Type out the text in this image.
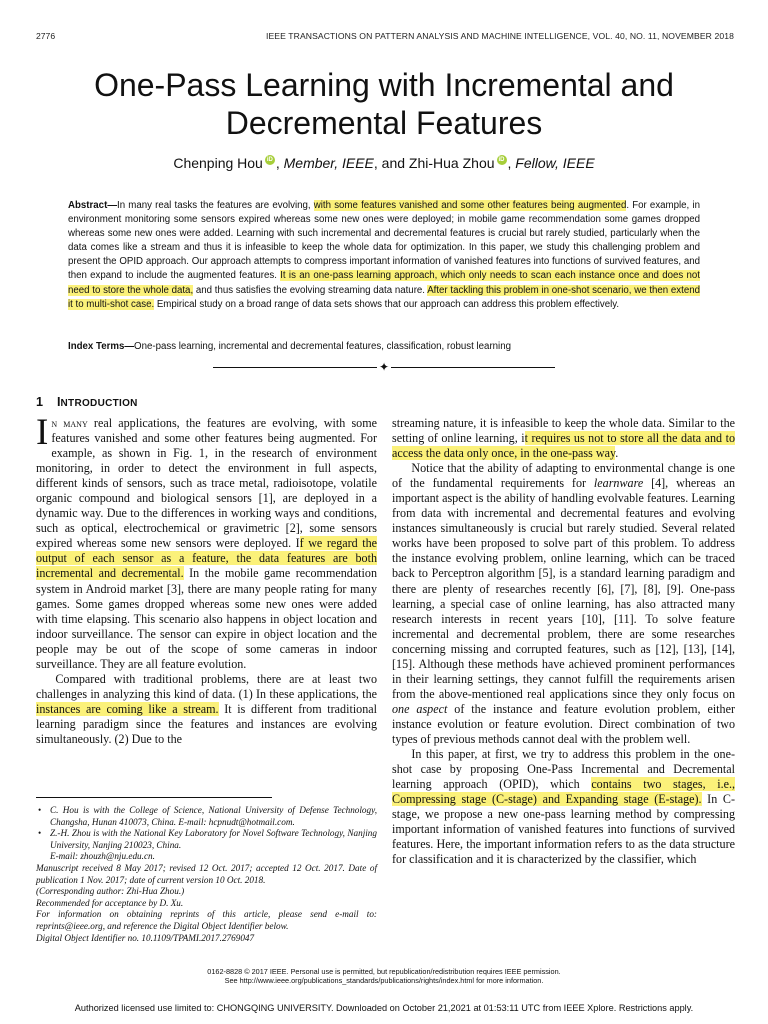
2776	IEEE TRANSACTIONS ON PATTERN ANALYSIS AND MACHINE INTELLIGENCE, VOL. 40, NO. 11, NOVEMBER 2018
One-Pass Learning with Incremental and
Decremental Features
Chenping Hou iD , Member, IEEE, and Zhi-Hua Zhou iD , Fellow, IEEE
Abstract—In many real tasks the features are evolving, with some features vanished and some other features being augmented. For example, in environment monitoring some sensors expired whereas some new ones were deployed; in mobile game recommendation some games dropped whereas some new ones were added. Learning with such incremental and decremental features is crucial but rarely studied, particularly when the data comes like a stream and thus it is infeasible to keep the whole data for optimization. In this paper, we study this challenging problem and present the OPID approach. Our approach attempts to compress important information of vanished features into functions of survived features, and then expand to include the augmented features. It is an one-pass learning approach, which only needs to scan each instance once and does not need to store the whole data, and thus satisfies the evolving streaming data nature. After tackling this problem in one-shot scenario, we then extend it to multi-shot case. Empirical study on a broad range of data sets shows that our approach can address this problem effectively.
Index Terms—One-pass learning, incremental and decremental features, classification, robust learning
✦
1 INTRODUCTION

In many real applications, the features are evolving, with some features vanished and some other features being augmented. For example, as shown in Fig. 1, in the research of environment monitoring, in order to detect the environment in full aspects, different kinds of sensors, such as trace metal, radioisotope, volatile organic compound and biological sensors [1], are deployed in a dynamic way. Due to the differences in working ways and conditions, such as optical, electrochemical or gravimetric [2], some sensors expired whereas some new sensors were deployed. If we regard the output of each sensor as a feature, the data features are both incremental and decremental. In the mobile game recommendation system in Android market [3], there are many people rating for many games. Some games dropped whereas some new ones were added with time elapsing. This scenario also happens in object location and indoor surveillance. The sensor can expire in object location and the people may be out of the scope of some cameras in indoor surveillance. They are all feature evolution.

Compared with traditional problems, there are at least two challenges in analyzing this kind of data. (1) In these applications, the instances are coming like a stream. It is different from traditional learning paradigm since the features and instances are evolving simultaneously. (2) Due to the

• C. Hou is with the College of Science, National University of Defense Technology, Changsha, Hunan 410073, China. E-mail: hcpnudt@hotmail.com.
• Z.-H. Zhou is with the National Key Laboratory for Novel Software Technology, Nanjing University, Nanjing 210023, China.
E-mail: zhouzh@nju.edu.cn.
Manuscript received 8 May 2017; revised 12 Oct. 2017; accepted 12 Oct. 2017. Date of publication 1 Nov. 2017; date of current version 10 Oct. 2018.
(Corresponding author: Zhi-Hua Zhou.)
Recommended for acceptance by D. Xu.
For information on obtaining reprints of this article, please send e-mail to: reprints@ieee.org, and reference the Digital Object Identifier below.
Digital Object Identifier no. 10.1109/TPAMI.2017.2769047

streaming nature, it is infeasible to keep the whole data. Similar to the setting of online learning, it requires us not to store all the data and to access the data only once, in the one-pass way.

Notice that the ability of adapting to environmental change is one of the fundamental requirements for learnware [4], whereas an important aspect is the ability of handling evolvable features. Learning from data with incremental and decremental features and evolving instances simultaneously is crucial but rarely studied. Several related works have been proposed to solve part of this problem. To address the instance evolving problem, online learning, which can be traced back to Perceptron algorithm [5], is a standard learning paradigm and there are plenty of researches recently [6], [7], [8], [9]. One-pass learning, a special case of online learning, has also attracted many research interests in recent years [10], [11]. To solve feature incremental and decremental problem, there are some researches concerning missing and corrupted features, such as [12], [13], [14], [15]. Although these methods have achieved prominent performances in their learning settings, they cannot fulfill the requirements arisen from the above-mentioned real applications since they only focus on one aspect of the instance and feature evolution problem, either instance evolution or feature evolution. Direct combination of two types of previous methods cannot deal with the problem well.

In this paper, at first, we try to address this problem in the one-shot case by proposing One-Pass Incremental and Decremental learning approach (OPID), which contains two stages, i.e., Compressing stage (C-stage) and Expanding stage (E-stage). In C-stage, we propose a new one-pass learning method by compressing important information of vanished features into functions of survived features. Here, the important information refers to as the data structure for classification and it is characterized by the classifier, which

0162-8828 © 2017 IEEE. Personal use is permitted, but republication/redistribution requires IEEE permission.
See http://www.ieee.org/publications_standards/publications/rights/index.html for more information.
Authorized licensed use limited to: CHONGQING UNIVERSITY. Downloaded on October 21,2021 at 01:53:11 UTC from IEEE Xplore. Restrictions apply.
